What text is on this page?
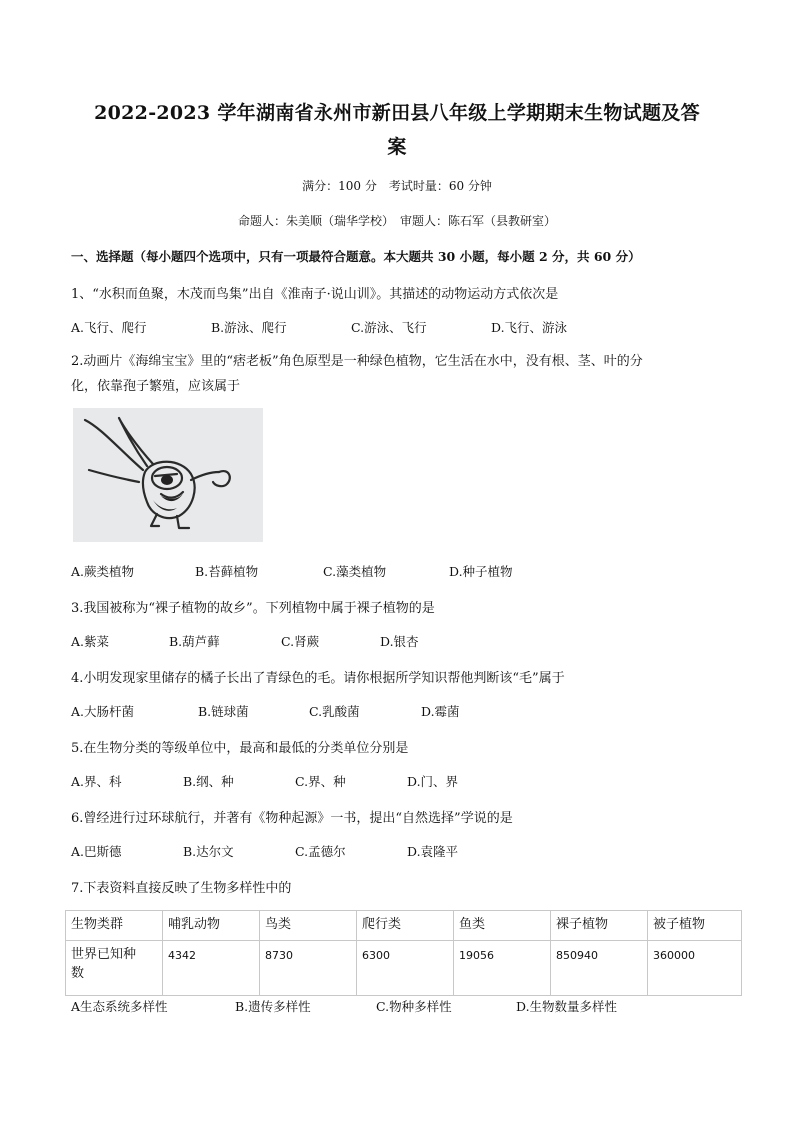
2022-2023 学年湖南省永州市新田县八年级上学期期末生物试题及答
案
满分：100 分　考试时量：60 分钟
命题人：朱美顺（瑞华学校）　审题人：陈石军（县教研室）
一、选择题（每小题四个选项中，只有一项最符合题意。本大题共 30 小题，每小题 2 分，共 60 分）
1、“水积而鱼聚，木茂而鸟集”出自《淮南子·说山训》。其描述的动物运动方式依次是
A.飞行、爬行	B.游泳、爬行	C.游泳、飞行	D.飞行、游泳
2.动画片《海绵宝宝》里的“痞老板”角色原型是一种绿色植物，它生活在水中，没有根、茎、叶的分
化，依靠孢子繁殖，应该属于
A.蕨类植物	B.苔藓植物	C.藻类植物	D.种子植物
3.我国被称为“裸子植物的故乡”。下列植物中属于裸子植物的是
A.紫菜	B.葫芦藓	C.肾蕨	D.银杏
4.小明发现家里储存的橘子长出了青绿色的毛。请你根据所学知识帮他判断该“毛”属于
A.大肠杆菌	B.链球菌	C.乳酸菌	D.霉菌
5.在生物分类的等级单位中，最高和最低的分类单位分别是
A.界、科	B.纲、种	C.界、种	D.门、界
6.曾经进行过环球航行，并著有《物种起源》一书，提出“自然选择”学说的是
A.巴斯德	B.达尔文	C.孟德尔	D.袁隆平
7.下表资料直接反映了生物多样性中的
生物类群	哺乳动物	鸟类	爬行类	鱼类	裸子植物	被子植物

世界已知种
数	4342	8730	6300	19056	850940	360000
A生态系统多样性	B.遗传多样性	C.物种多样性	D.生物数量多样性
